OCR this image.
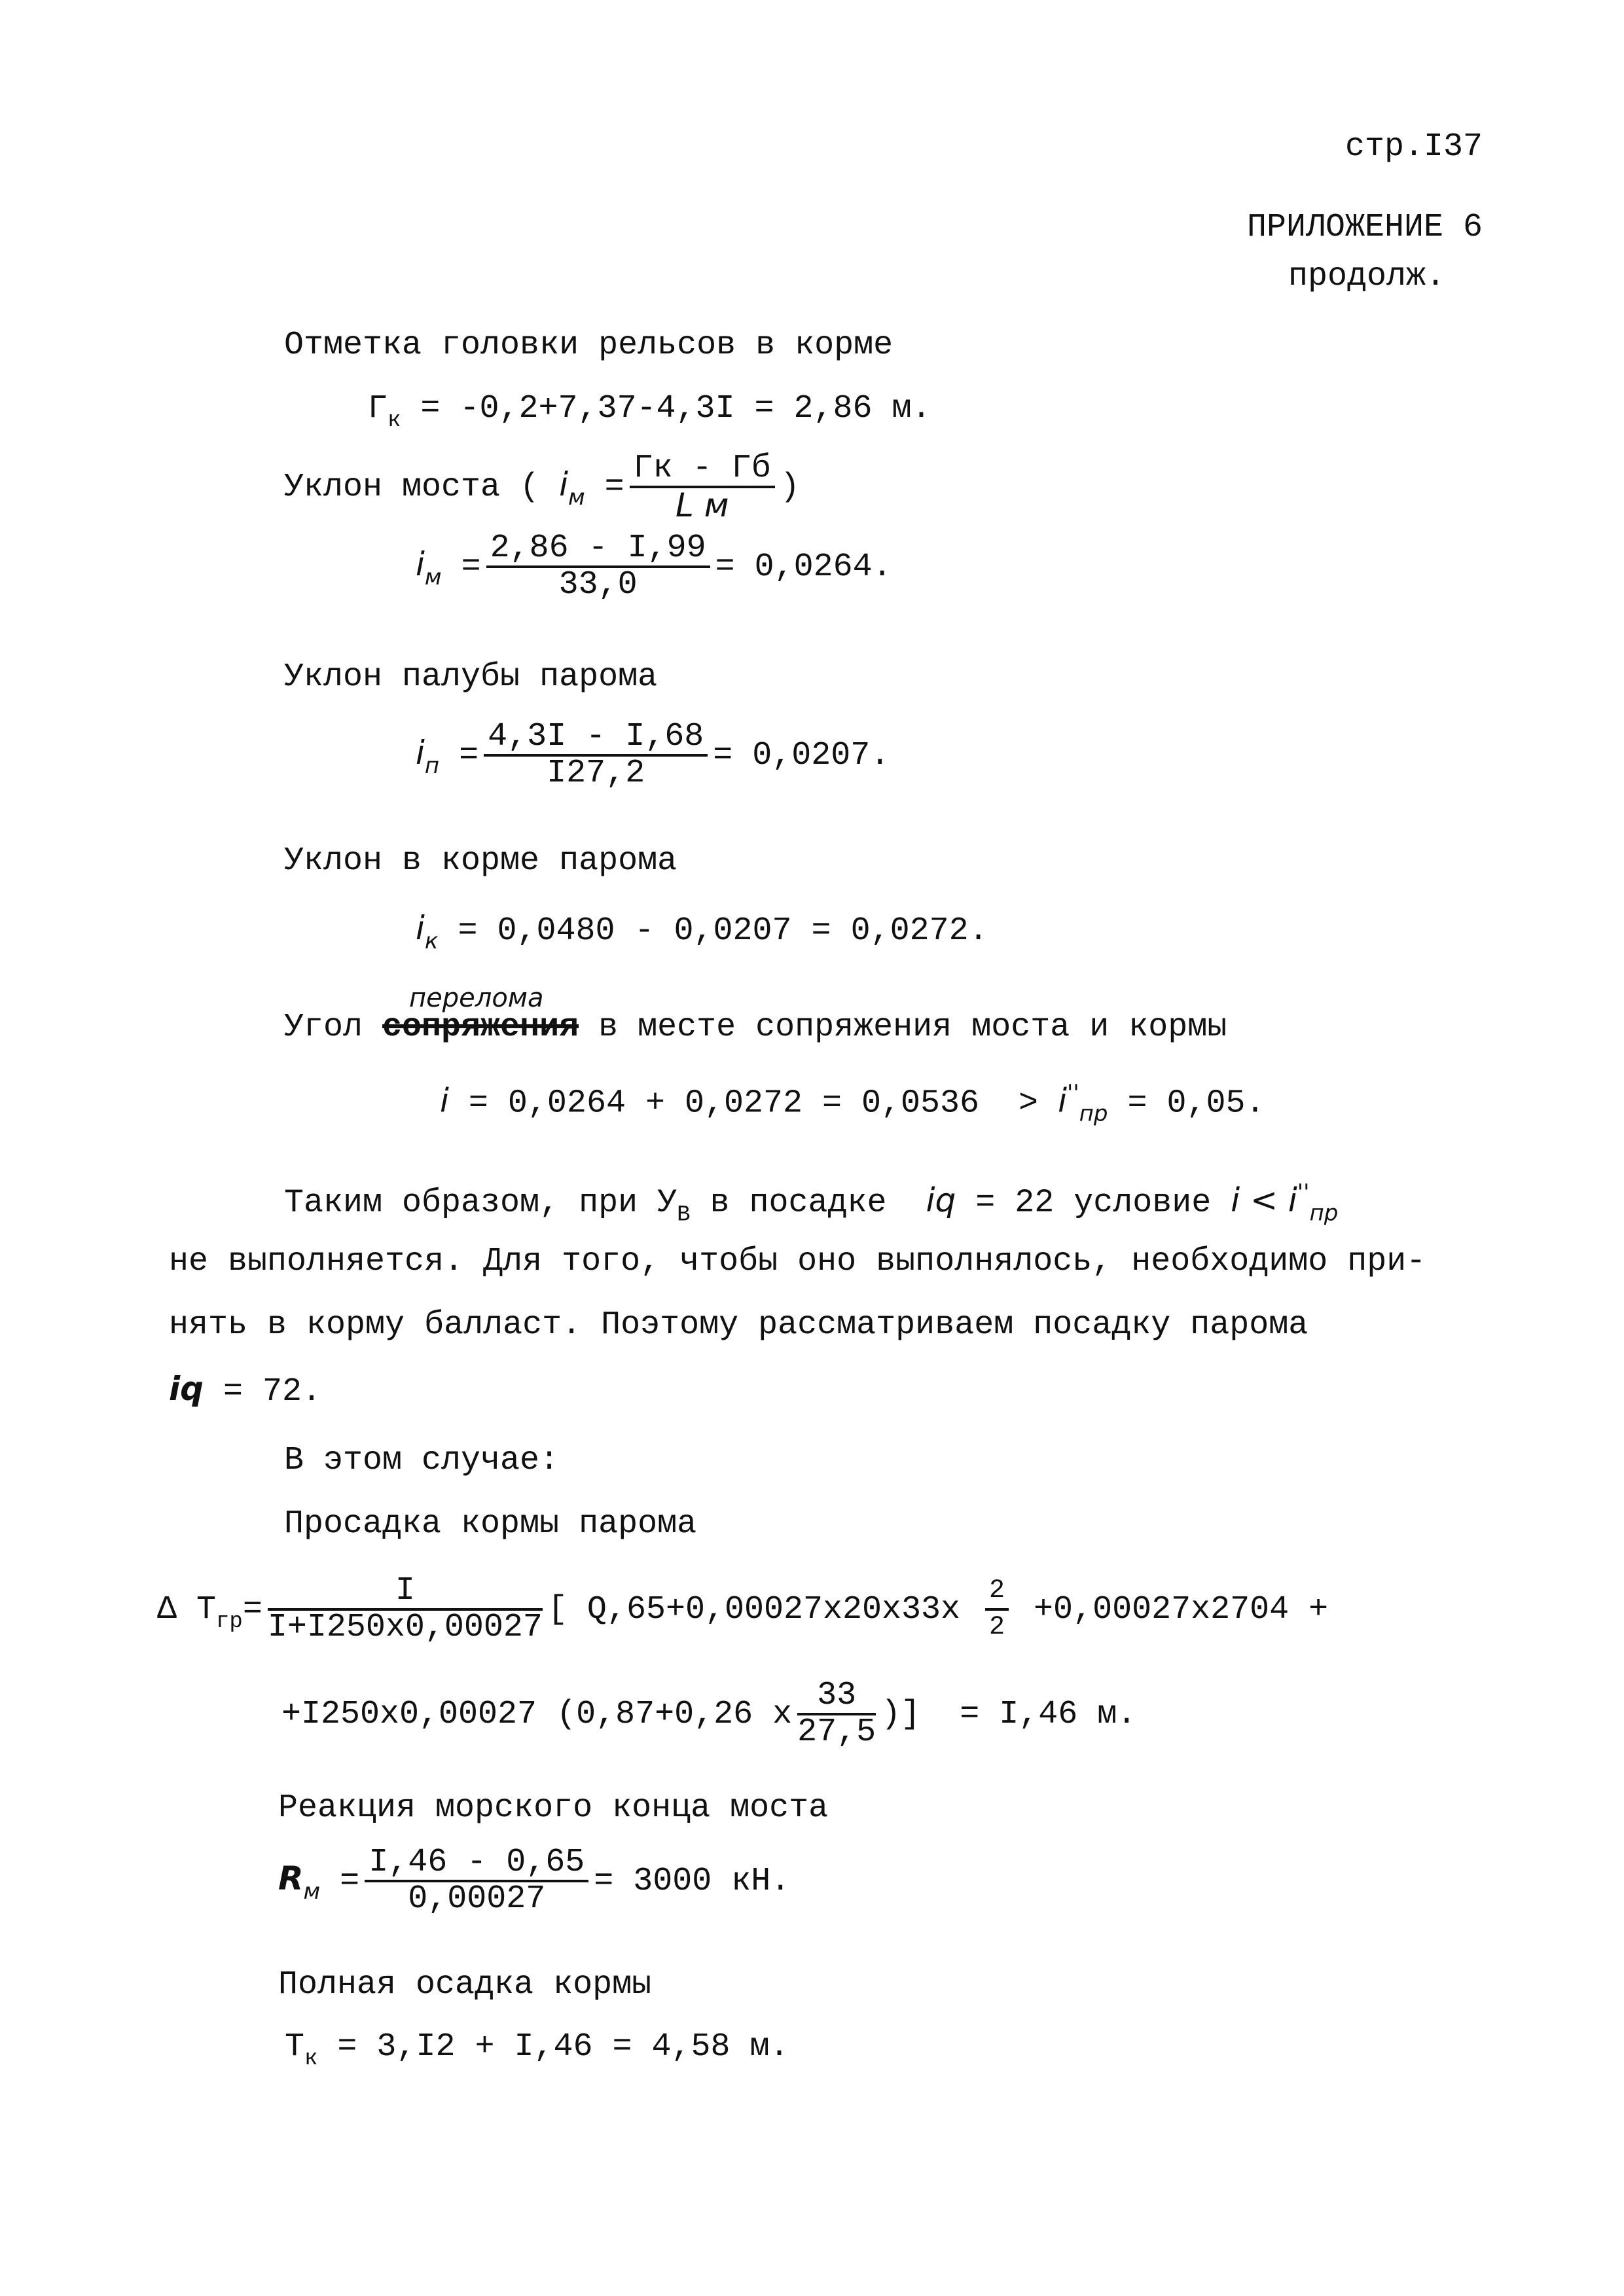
стр.I37
ПРИЛОЖЕНИЕ 6
продолж.
Отметка головки рельсов в корме
$Г_к = -0,2+7,37-4,3I = 2,86$ м.
Уклон моста ( $i_м = \frac{Гк - Гб}{\text{L м}}$ )
$i_м = \frac{2,86 - I,99}{33,0} = 0,0264$.
Уклон палубы парома
$i_п = \frac{4,3I - I,68}{I27,2} = 0,0207$.
Уклон в корме парома
$i_к = 0,0480 - 0,0207 = 0,0272$.
перелома
Угол сопряжения в месте сопряжения моста и кормы
$i = 0,0264 + 0,0272 = 0,0536 > i''_{пр} = 0,05$.
Таким образом, при $У_В$ в посадке  iq = 22 условие $i < i''_{пр}$
не выполняется. Для того, чтобы оно выполнялось, необходимо при-
нять в корму балласт. Поэтому рассматриваем посадку парома
iq = 72.
В этом случае:
Просадка кормы парома
Δ $T_{гр}= \frac{I}{I+I250x0,00027}$ [ $Q,65+0,00027x20x33x \frac{2}{2} +0,00027x2704$ +
+I250x0,00027 (0,87+0,26 x $\frac{33}{27,5}$ )]  = I,46 м.
Реакция морского конца моста
$R_м = \frac{I,46 - 0,65}{0,00027} = 3000$ кН.
Полная осадка кормы
$T_к = 3,I2 + I,46 = 4,58$ м.
